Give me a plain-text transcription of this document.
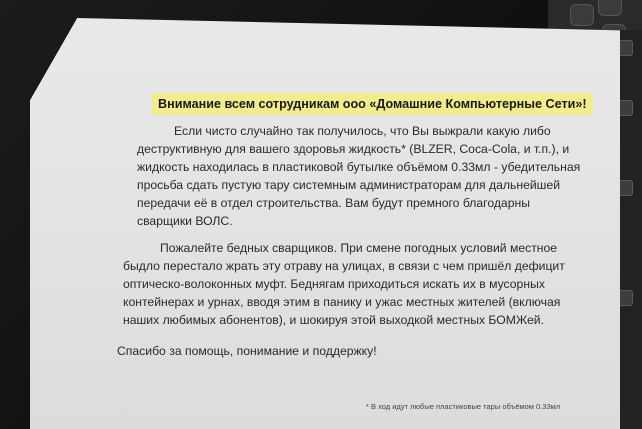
Внимание всем сотрудникам ооо «Домашние Компьютерные Сети»!
Если чисто случайно так получилось, что Вы выжрали какую либо
деструктивную для вашего здоровья жидкость* (BLZER, Coca-Cola, и т.п.), и
жидкость находилась в пластиковой бутылке объёмом 0.33мл - убедительная
просьба сдать пустую тару системным администраторам для дальнейшей
передачи её в отдел строительства. Вам будут премного благодарны
сварщики ВОЛС.
Пожалейте бедных сварщиков. При смене погодных условий местное
быдло перестало жрать эту отраву на улицах, в связи с чем пришёл дефицит
оптическо-волоконных муфт. Беднягам приходиться искать их в мусорных
контейнерах и урнах, вводя этим в панику и ужас местных жителей (включая
наших любимых абонентов), и шокируя этой выходкой местных БОМЖей.
Спасибо за помощь, понимание и поддержку!
* В ход идут любые пластиковые тары объёмом 0.33мл
